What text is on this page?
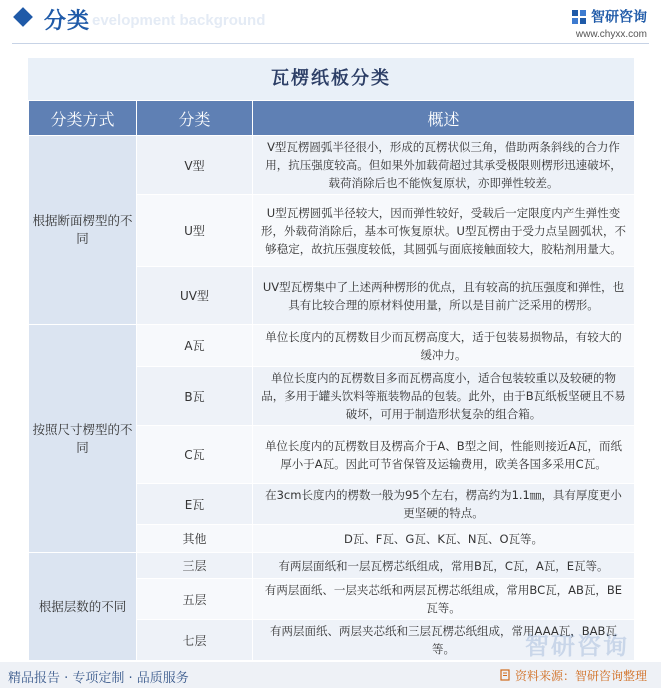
分类 evelopment background	智研咨询
www.chyxx.com
瓦楞纸板分类
分类方式	分类	概述
根据断面楞型的不同	V型	V型瓦楞圆弧半径很小，形成的瓦楞状似三角，借助两条斜线的合力作用，抗压强度较高。但如果外加载荷超过其承受极限则楞形迅速破坏，载荷消除后也不能恢复原状，亦即弹性较差。
	U型	U型瓦楞圆弧半径较大，因而弹性较好，受载后一定限度内产生弹性变形，外载荷消除后，基本可恢复原状。U型瓦楞由于受力点呈圆弧状，不够稳定，故抗压强度较低，其圆弧与面底接触面较大，胶粘剂用量大。
	UV型	UV型瓦楞集中了上述两种楞形的优点，且有较高的抗压强度和弹性，也具有比较合理的原材料使用量，所以是目前广泛采用的楞形。
按照尺寸楞型的不同	A瓦	单位长度内的瓦楞数目少而瓦楞高度大，适于包装易损物品，有较大的缓冲力。
	B瓦	单位长度内的瓦楞数目多而瓦楞高度小，适合包装较重以及较硬的物品，多用于罐头饮料等瓶装物品的包装。此外，由于B瓦纸板坚硬且不易破坏，可用于制造形状复杂的组合箱。
	C瓦	单位长度内的瓦楞数目及楞高介于A、B型之间，性能则接近A瓦，而纸厚小于A瓦。因此可节省保管及运输费用，欧美各国多采用C瓦。
	E瓦	在3cm长度内的楞数一般为95个左右，楞高约为1.1㎜，具有厚度更小更坚硬的特点。
	其他	D瓦、F瓦、G瓦、K瓦、N瓦、O瓦等。
根据层数的不同	三层	有两层面纸和一层瓦楞芯纸组成，常用B瓦，C瓦，A瓦，E瓦等。
	五层	有两层面纸、一层夹芯纸和两层瓦楞芯纸组成，常用BC瓦，AB瓦，BE瓦等。
	七层	有两层面纸、两层夹芯纸和三层瓦楞芯纸组成，常用AAA瓦，BAB瓦等。	智研咨询
精品报告 · 专项定制 · 品质服务	资料来源：智研咨询整理
